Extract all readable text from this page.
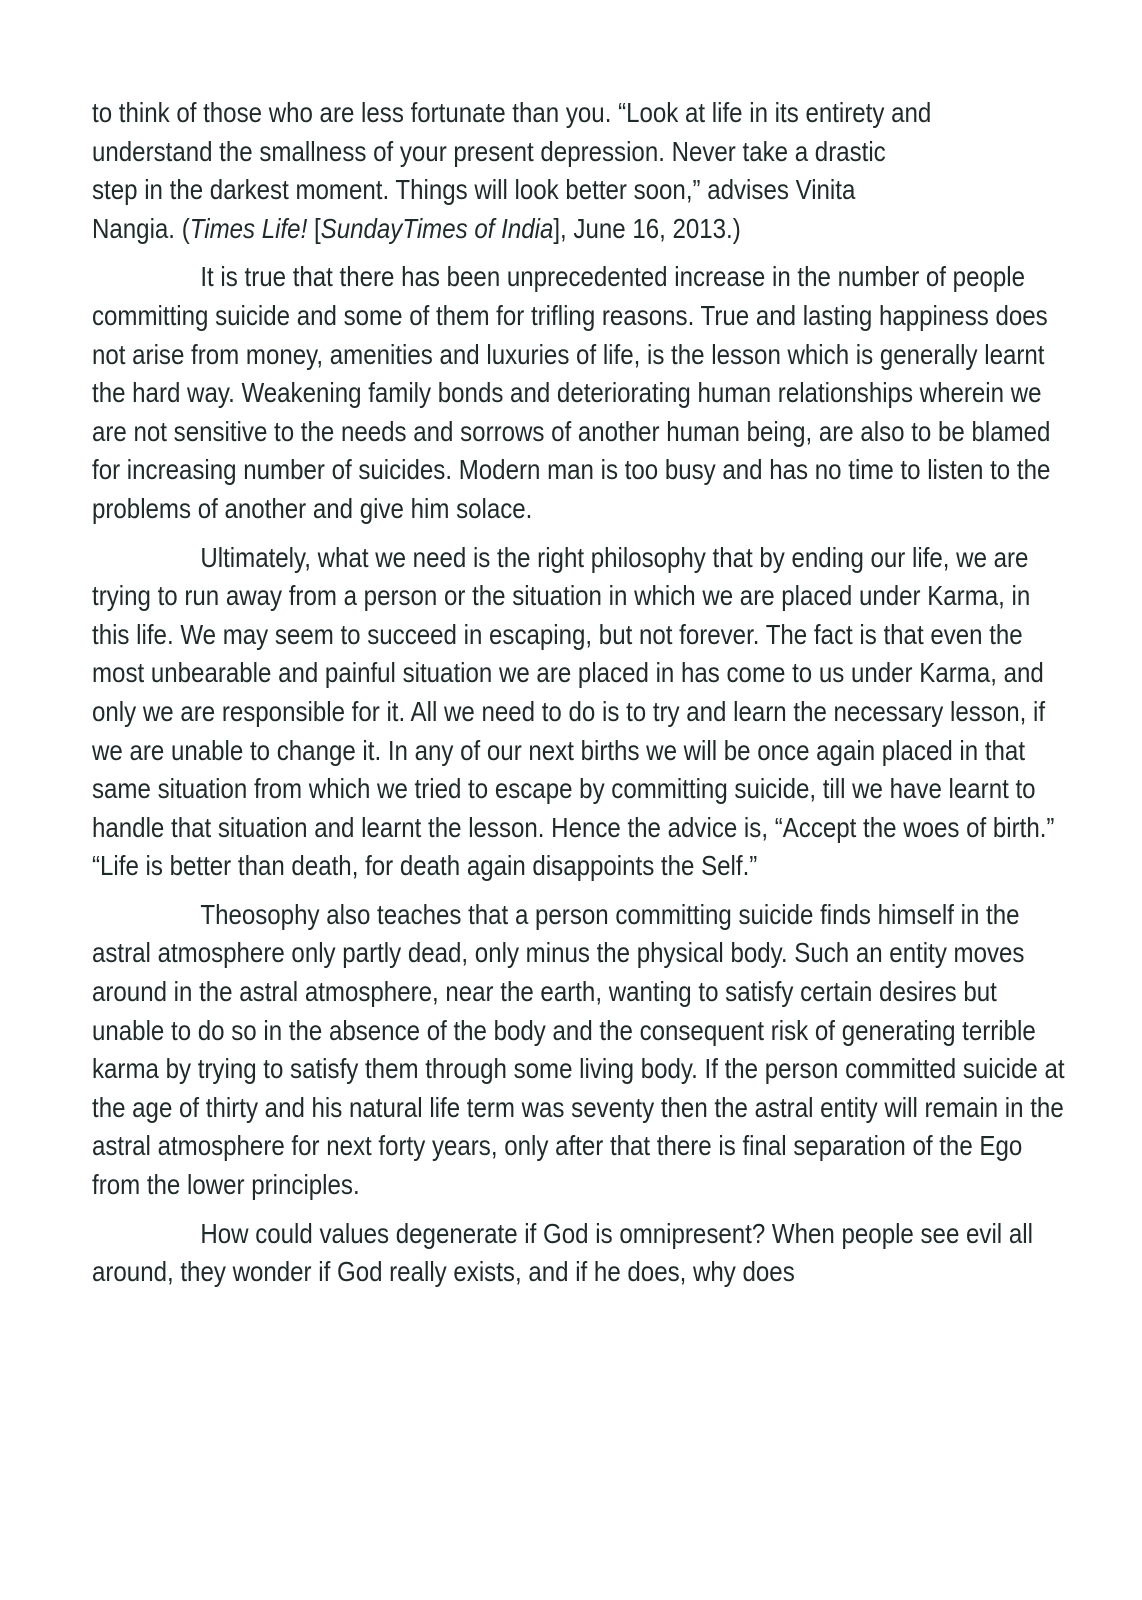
to think of those who are less fortunate than you. “Look at life in its entirety and
understand the smallness of your present depression. Never take a drastic
step in the darkest moment. Things will look better soon,” advises Vinita
Nangia. (Times Life! [SundayTimes of India], June 16, 2013.)

It is true that there has been unprecedented increase in the number of people committing suicide and some of them for trifling reasons. True and lasting happiness does not arise from money, amenities and luxuries of life, is the lesson which is generally learnt the hard way. Weakening family bonds and deteriorating human relationships wherein we are not sensitive to the needs and sorrows of another human being, are also to be blamed for increasing number of suicides. Modern man is too busy and has no time to listen to the problems of another and give him solace.

Ultimately, what we need is the right philosophy that by ending our life, we are trying to run away from a person or the situation in which we are placed under Karma, in this life. We may seem to succeed in escaping, but not forever. The fact is that even the most unbearable and painful situation we are placed in has come to us under Karma, and only we are responsible for it. All we need to do is to try and learn the necessary lesson, if we are unable to change it. In any of our next births we will be once again placed in that same situation from which we tried to escape by committing suicide, till we have learnt to handle that situation and learnt the lesson. Hence the advice is, “Accept the woes of birth.” “Life is better than death, for death again disappoints the Self.”

Theosophy also teaches that a person committing suicide finds himself in the astral atmosphere only partly dead, only minus the physical body. Such an entity moves around in the astral atmosphere, near the earth, wanting to satisfy certain desires but unable to do so in the absence of the body and the consequent risk of generating terrible karma by trying to satisfy them through some living body. If the person committed suicide at the age of thirty and his natural life term was seventy then the astral entity will remain in the astral atmosphere for next forty years, only after that there is final separation of the Ego from the lower principles.

How could values degenerate if God is omnipresent? When people see evil all around, they wonder if God really exists, and if he does, why does
